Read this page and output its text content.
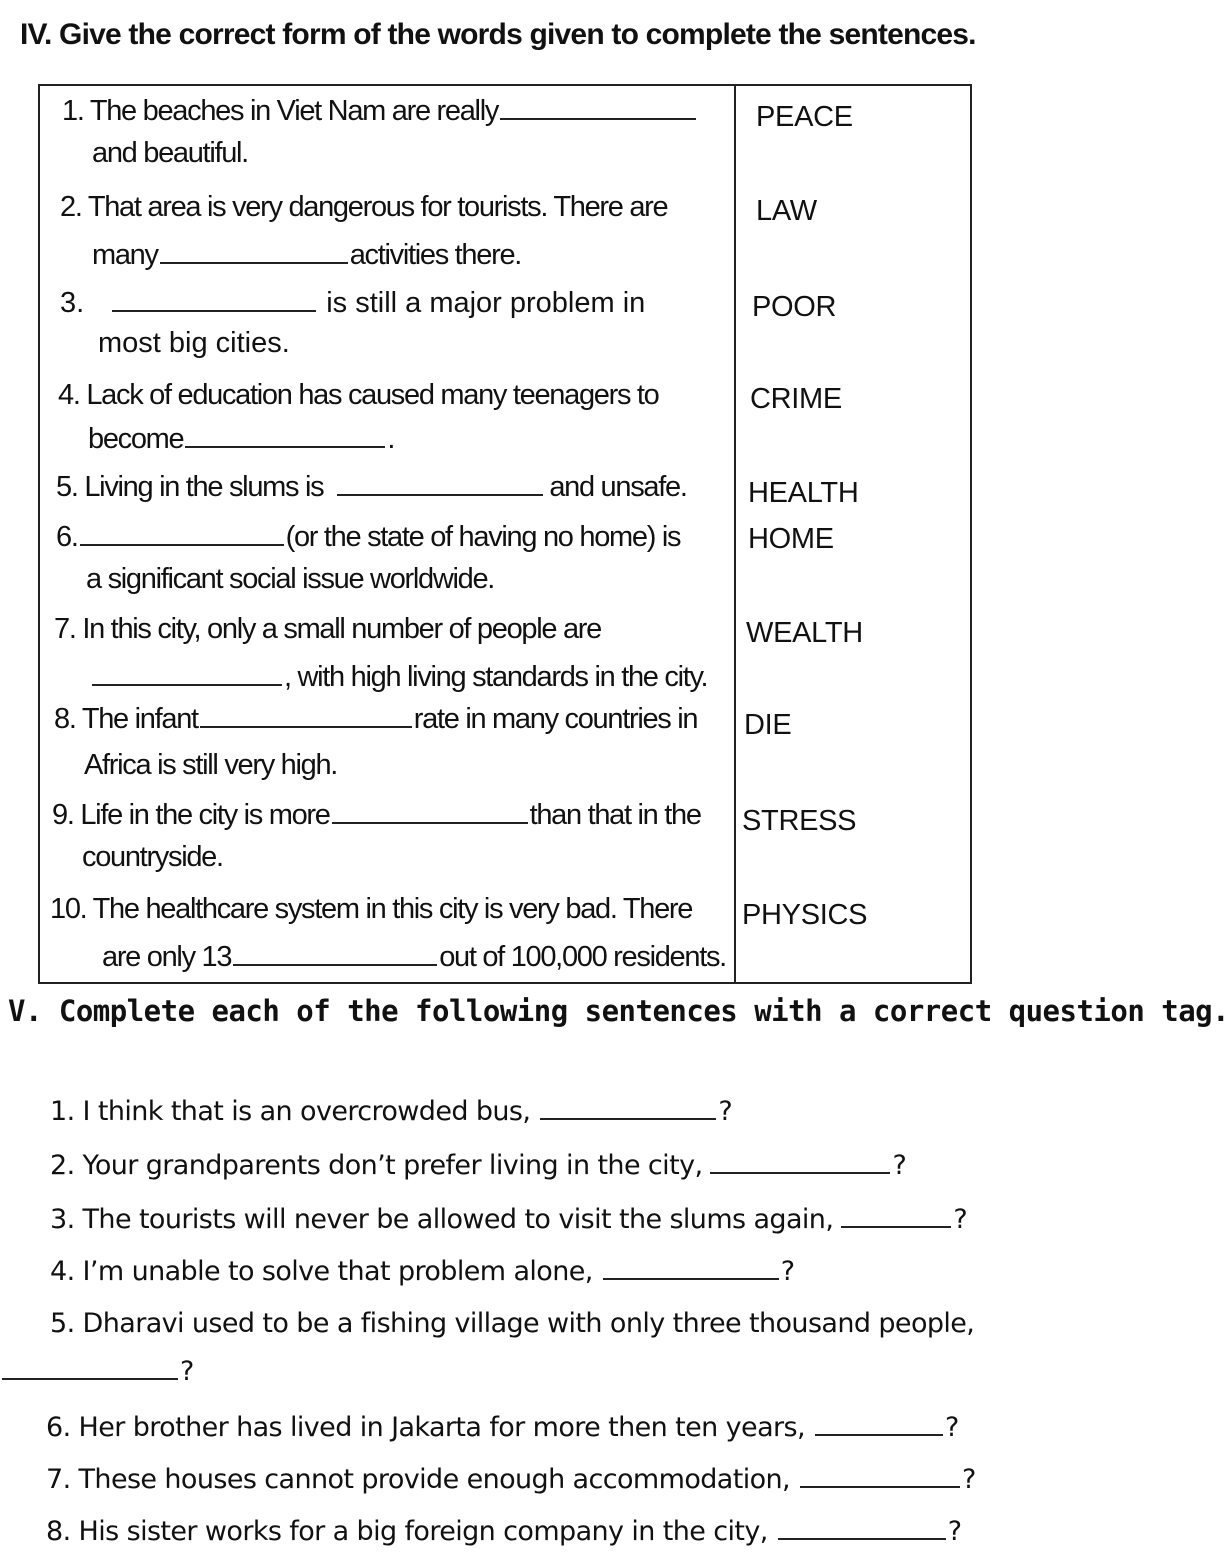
IV. Give the correct form of the words given to complete the sentences.
1. The beaches in Viet Nam are really
and beautiful.
PEACE
2. That area is very dangerous for tourists. There are
many	activities there.
LAW
3.	is still a major problem in
most big cities.
POOR
4. Lack of education has caused many teenagers to
become	.
CRIME
5. Living in the slums is	and unsafe. HEALTH
6.	(or the state of having no home) is
a significant social issue worldwide.
HOME
7. In this city, only a small number of people are
, with high living standards in the city.
WEALTH
8. The infant	rate in many countries in
Africa is still very high.
DIE
9. Life in the city is more	than that in the
countryside.
STRESS
10. The healthcare system in this city is very bad. There
are only 13	out of 100,000 residents.
PHYSICS
V. Complete each of the following sentences with a correct question tag.
1. I think that is an overcrowded bus,	?
2. Your grandparents don’t prefer living in the city,	?
3. The tourists will never be allowed to visit the slums again,	?
4. I’m unable to solve that problem alone,	?
5. Dharavi used to be a fishing village with only three thousand people,
?
6. Her brother has lived in Jakarta for more then ten years,	?
7. These houses cannot provide enough accommodation,	?
8. His sister works for a big foreign company in the city,	?
